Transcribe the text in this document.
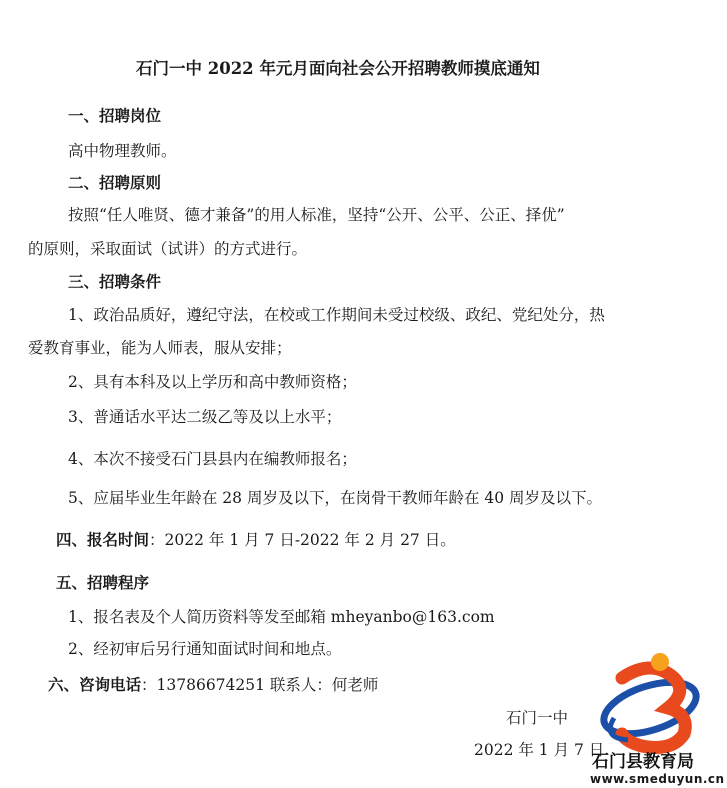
石门一中 2022 年元月面向社会公开招聘教师摸底通知
一、招聘岗位
高中物理教师。
二、招聘原则
按照“任人唯贤、德才兼备”的用人标准，坚持“公开、公平、公正、择优”
的原则，采取面试（试讲）的方式进行。
三、招聘条件
1、政治品质好，遵纪守法，在校或工作期间未受过校级、政纪、党纪处分，热
爱教育事业，能为人师表，服从安排；
2、具有本科及以上学历和高中教师资格；
3、普通话水平达二级乙等及以上水平；
4、本次不接受石门县县内在编教师报名；
5、应届毕业生年龄在 28 周岁及以下，在岗骨干教师年龄在 40 周岁及以下。
四、报名时间：2022 年 1 月 7 日-2022 年 2 月 27 日。
五、招聘程序
1、报名表及个人简历资料等发至邮箱 mheyanbo@163.com
2、经初审后另行通知面试时间和地点。
六、咨询电话：13786674251 联系人：何老师
石门一中
2022 年 1 月 7 日
石门县教育局
www.smeduyun.cn
